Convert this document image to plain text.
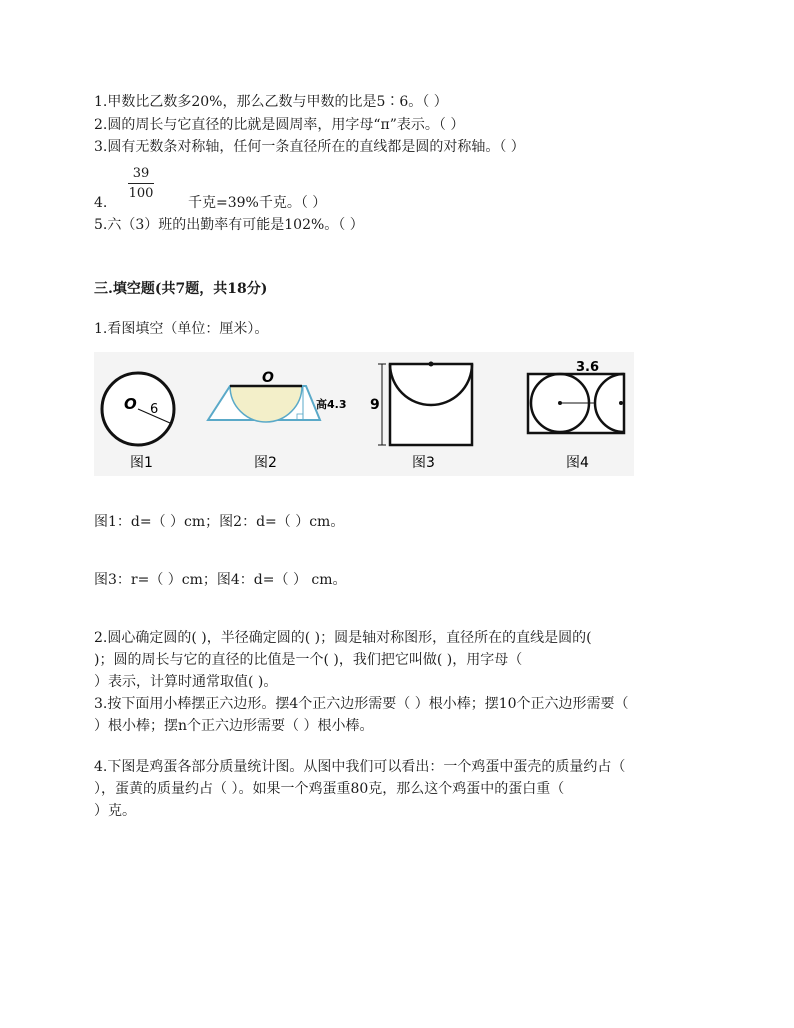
1.甲数比乙数多20%，那么乙数与甲数的比是5∶6。（ ）
2.圆的周长与它直径的比就是圆周率，用字母“π”表示。（ ）
3.圆有无数条对称轴，任何一条直径所在的直线都是圆的对称轴。（ ）
4.
$\frac{39}{100}$
千克=39%千克。（ ）
5.六（3）班的出勤率有可能是102%。（ ）
三.填空题(共7题，共18分)
1.看图填空（单位：厘米）。
O 6
图1
O
高4.3
图2
9
图3
3.6
图4
图1：d=（ ）cm；图2：d=（ ）cm。
图3：r=（ ）cm；图4：d=（ ） cm。
2.圆心确定圆的( )，半径确定圆的( )；圆是轴对称图形，直径所在的直线是圆的(
)；圆的周长与它的直径的比值是一个( )，我们把它叫做( )，用字母（
）表示，计算时通常取值( )。
3.按下面用小棒摆正六边形。摆4个正六边形需要（ ）根小棒；摆10个正六边形需要（
）根小棒；摆n个正六边形需要（ ）根小棒。
4.下图是鸡蛋各部分质量统计图。从图中我们可以看出：一个鸡蛋中蛋壳的质量约占（
），蛋黄的质量约占（ ）。如果一个鸡蛋重80克，那么这个鸡蛋中的蛋白重（
）克。
